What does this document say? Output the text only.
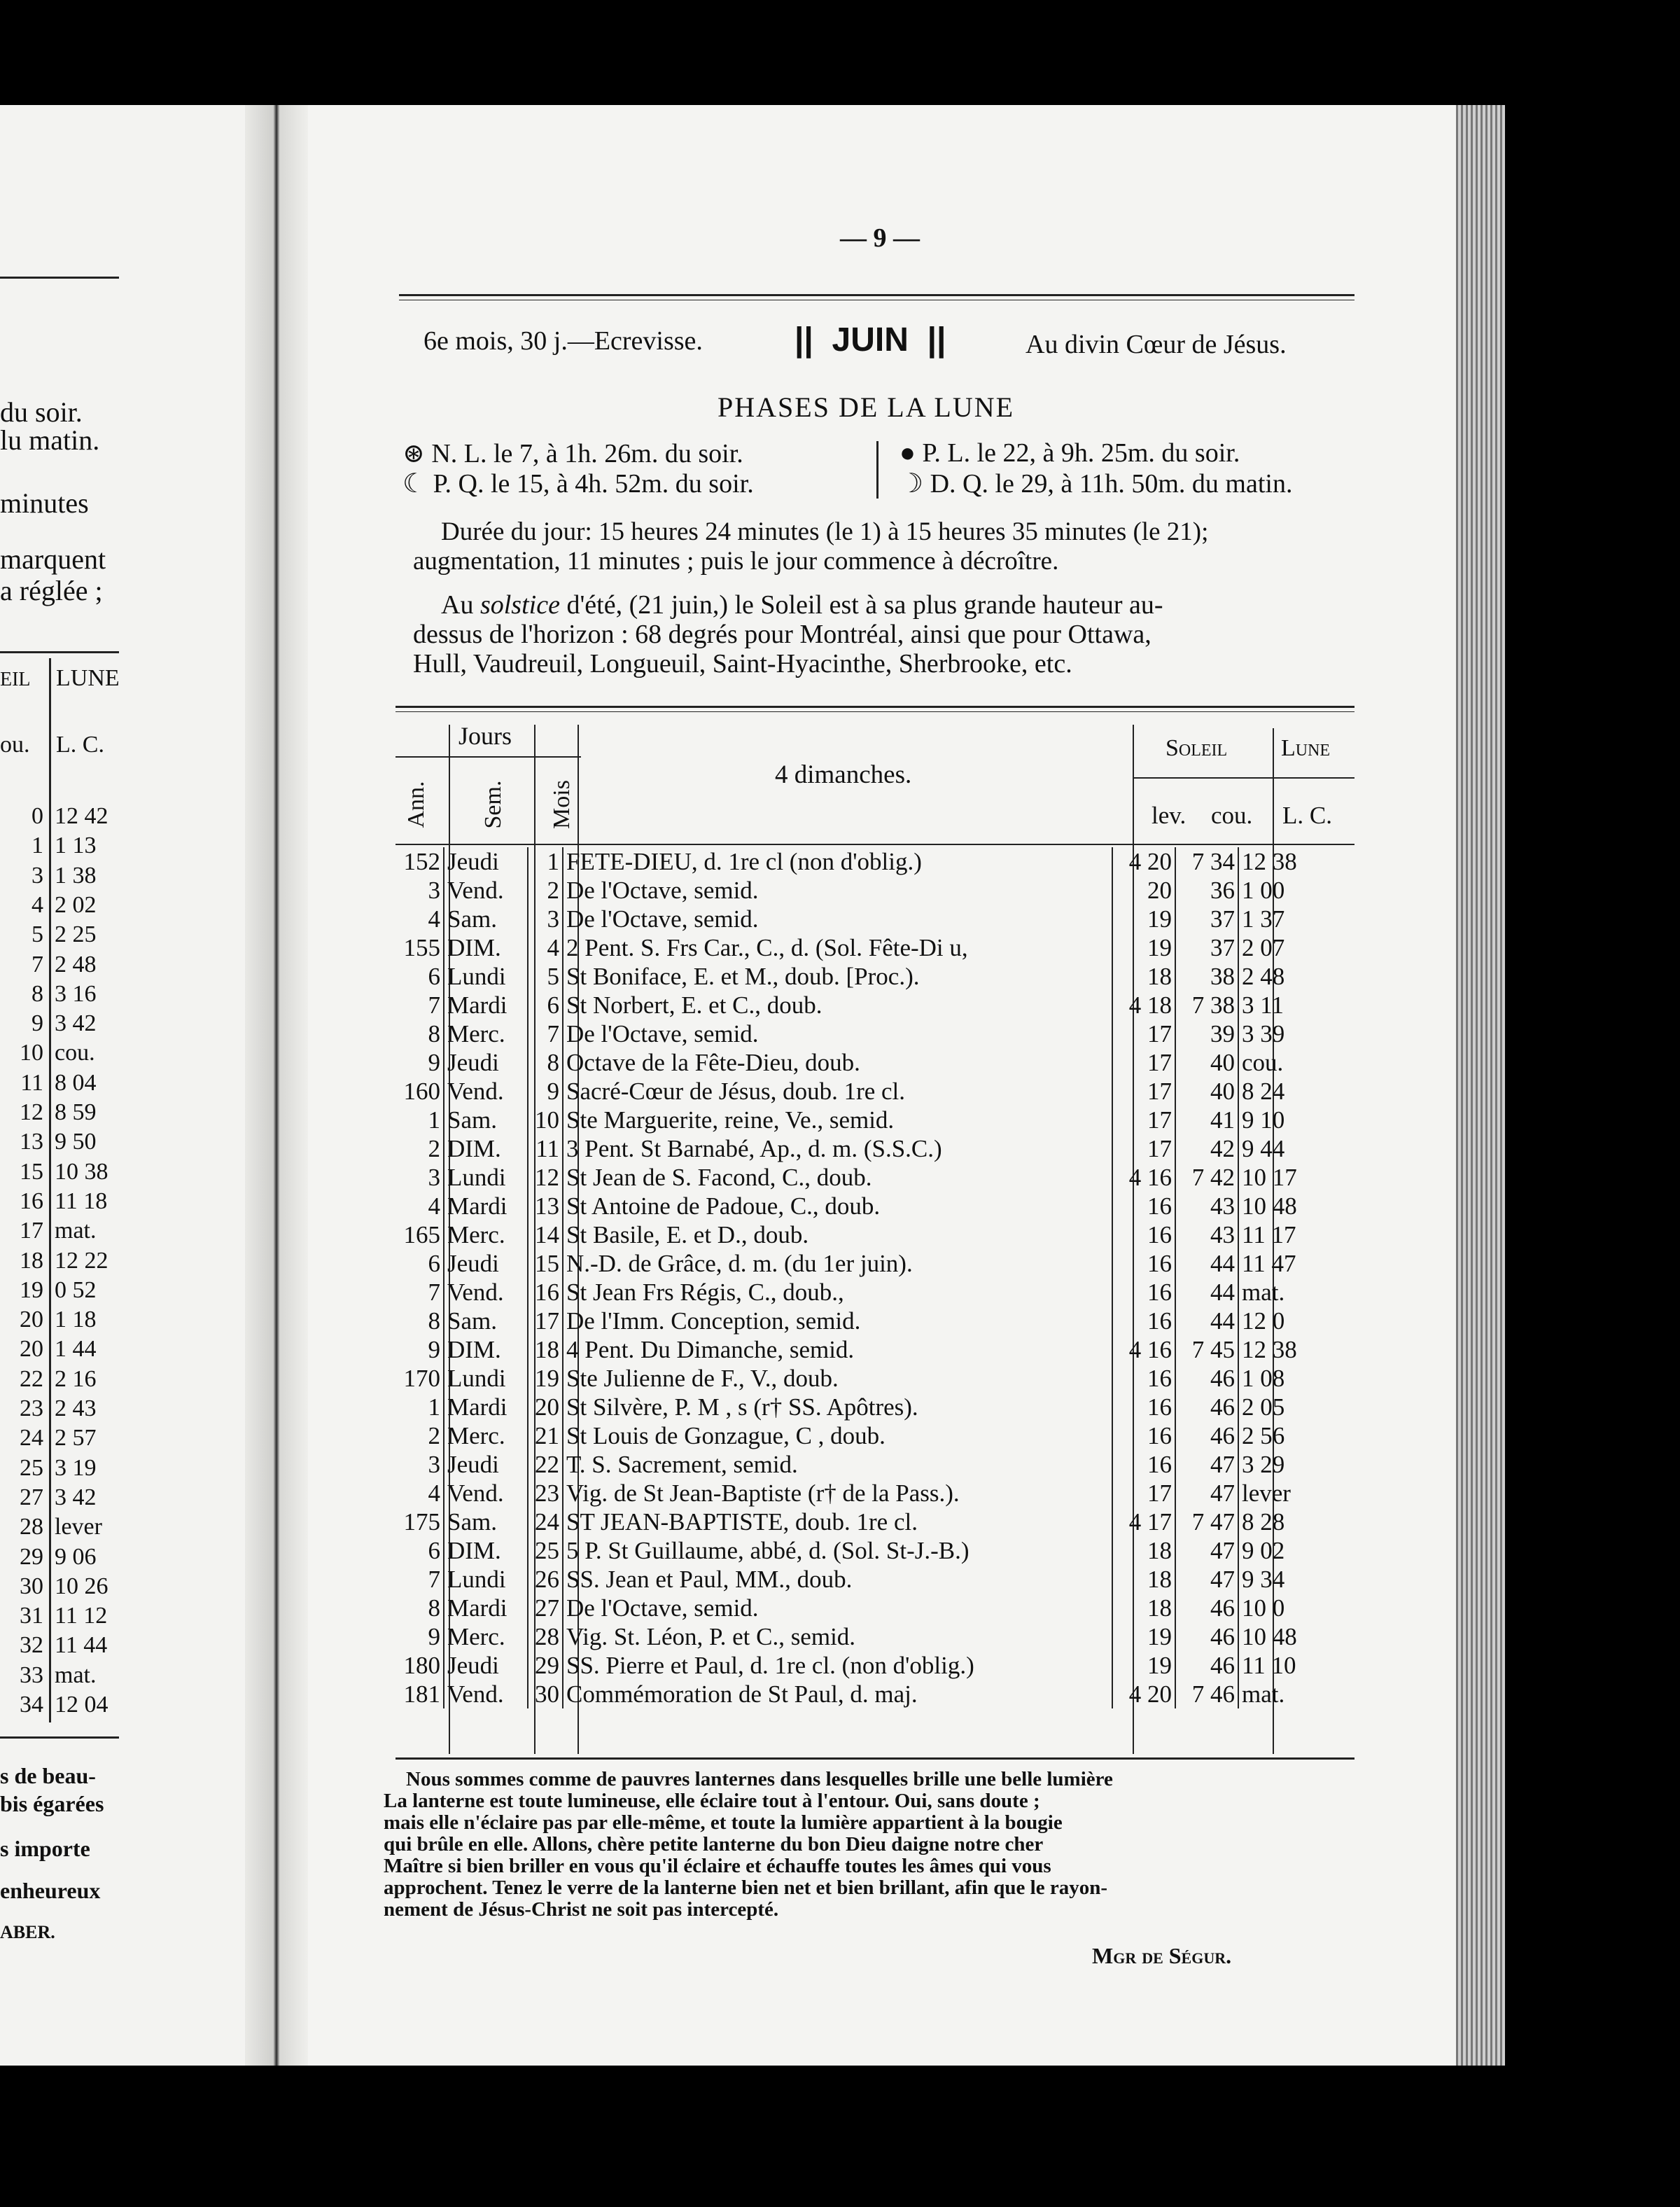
du soir.
lu matin.
minutes
marquent
a réglée ;
EIL LUNE
ou. L. C.
0 12 42
1 1 13
3 1 38
4 2 02
5 2 25
7 2 48
8 3 16
9 3 42
10 cou.
11 8 04
12 8 59
13 9 50
15 10 38
16 11 18
17 mat.
18 12 22
19 0 52
20 1 18
20 1 44
22 2 16
23 2 43
24 2 57
25 3 19
27 3 42
28 lever
29 9 06
30 10 26
31 11 12
32 11 44
33 mat.
34 12 04
s de beau-
bis égarées
s importe
enheureux
ABER.
— 9 —
6e mois, 30 j.—Ecrevisse.	||  JUIN  ||	Au divin Cœur de Jésus.
PHASES DE LA LUNE
⊛ N. L. le 7, à 1h. 26m. du soir.
☾ P. Q. le 15, à 4h. 52m. du soir.
● P. L. le 22, à 9h. 25m. du soir.
☽ D. Q. le 29, à 11h. 50m. du matin.
Durée du jour: 15 heures 24 minutes (le 1) à 15 heures 35 minutes (le 21);
augmentation, 11 minutes ; puis le jour commence à décroître.
Au solstice d'été, (21 juin,) le Soleil est à sa plus grande hauteur au-
dessus de l'horizon : 68 degrés pour Montréal, ainsi que pour Ottawa,
Hull, Vaudreuil, Longueuil, Saint-Hyacinthe, Sherbrooke, etc.
Jours
Ann. Sem. Mois
4 dimanches.
Soleil Lune
lev. cou. L. C.
152	Jeudi	1	FETE-DIEU, d. 1re cl (non d'oblig.)	4 20	7 34	12 38
3	Vend.	2	De l'Octave, semid.	20	36	1 00
4	Sam.	3	De l'Octave, semid.	19	37	1 37
155	DIM.	4	2 Pent. S. Frs Car., C., d. (Sol. Fête-Di u,	19	37	2 07
6	Lundi	5	St Boniface, E. et M., doub. [Proc.).	18	38	2 48
7	Mardi	6	St Norbert, E. et C., doub.	4 18	7 38	3 11
8	Merc.	7	De l'Octave, semid.	17	39	3 39
9	Jeudi	8	Octave de la Fête-Dieu, doub.	17	40	cou.
160	Vend.	9	Sacré-Cœur de Jésus, doub. 1re cl.	17	40	8 24
1	Sam.	10	Ste Marguerite, reine, Ve., semid.	17	41	9 10
2	DIM.	11	3 Pent. St Barnabé, Ap., d. m. (S.S.C.)	17	42	9 44
3	Lundi	12	St Jean de S. Facond, C., doub.	4 16	7 42	10 17
4	Mardi	13	St Antoine de Padoue, C., doub.	16	43	10 48
165	Merc.	14	St Basile, E. et D., doub.	16	43	11 17
6	Jeudi	15	N.-D. de Grâce, d. m. (du 1er juin).	16	44	11 47
7	Vend.	16	St Jean Frs Régis, C., doub.,	16	44	mat.
8	Sam.	17	De l'Imm. Conception, semid.	16	44	12 0
9	DIM.	18	4 Pent. Du Dimanche, semid.	4 16	7 45	12 38
170	Lundi	19	Ste Julienne de F., V., doub.	16	46	1 08
1	Mardi	20	St Silvère, P. M , s (r† SS. Apôtres).	16	46	2 05
2	Merc.	21	St Louis de Gonzague, C , doub.	16	46	2 56
3	Jeudi	22	T. S. Sacrement, semid.	16	47	3 29
4	Vend.	23	Vig. de St Jean-Baptiste (r† de la Pass.).	17	47	lever
175	Sam.	24	ST JEAN-BAPTISTE, doub. 1re cl.	4 17	7 47	8 28
6	DIM.	25	5 P. St Guillaume, abbé, d. (Sol. St-J.-B.)	18	47	9 02
7	Lundi	26	SS. Jean et Paul, MM., doub.	18	47	9 34
8	Mardi	27	De l'Octave, semid.	18	46	10 0
9	Merc.	28	Vig. St. Léon, P. et C., semid.	19	46	10 48
180	Jeudi	29	SS. Pierre et Paul, d. 1re cl. (non d'oblig.)	19	46	11 10
181	Vend.	30	Commémoration de St Paul, d. maj.	4 20	7 46	mat.
Nous sommes comme de pauvres lanternes dans lesquelles brille une belle lumière
La lanterne est toute lumineuse, elle éclaire tout à l'entour. Oui, sans doute ;
mais elle n'éclaire pas par elle-même, et toute la lumière appartient à la bougie
qui brûle en elle. Allons, chère petite lanterne du bon Dieu daigne notre cher
Maître si bien briller en vous qu'il éclaire et échauffe toutes les âmes qui vous
approchent. Tenez le verre de la lanterne bien net et bien brillant, afin que le rayon-
nement de Jésus-Christ ne soit pas intercepté.
Mgr de Ségur.
